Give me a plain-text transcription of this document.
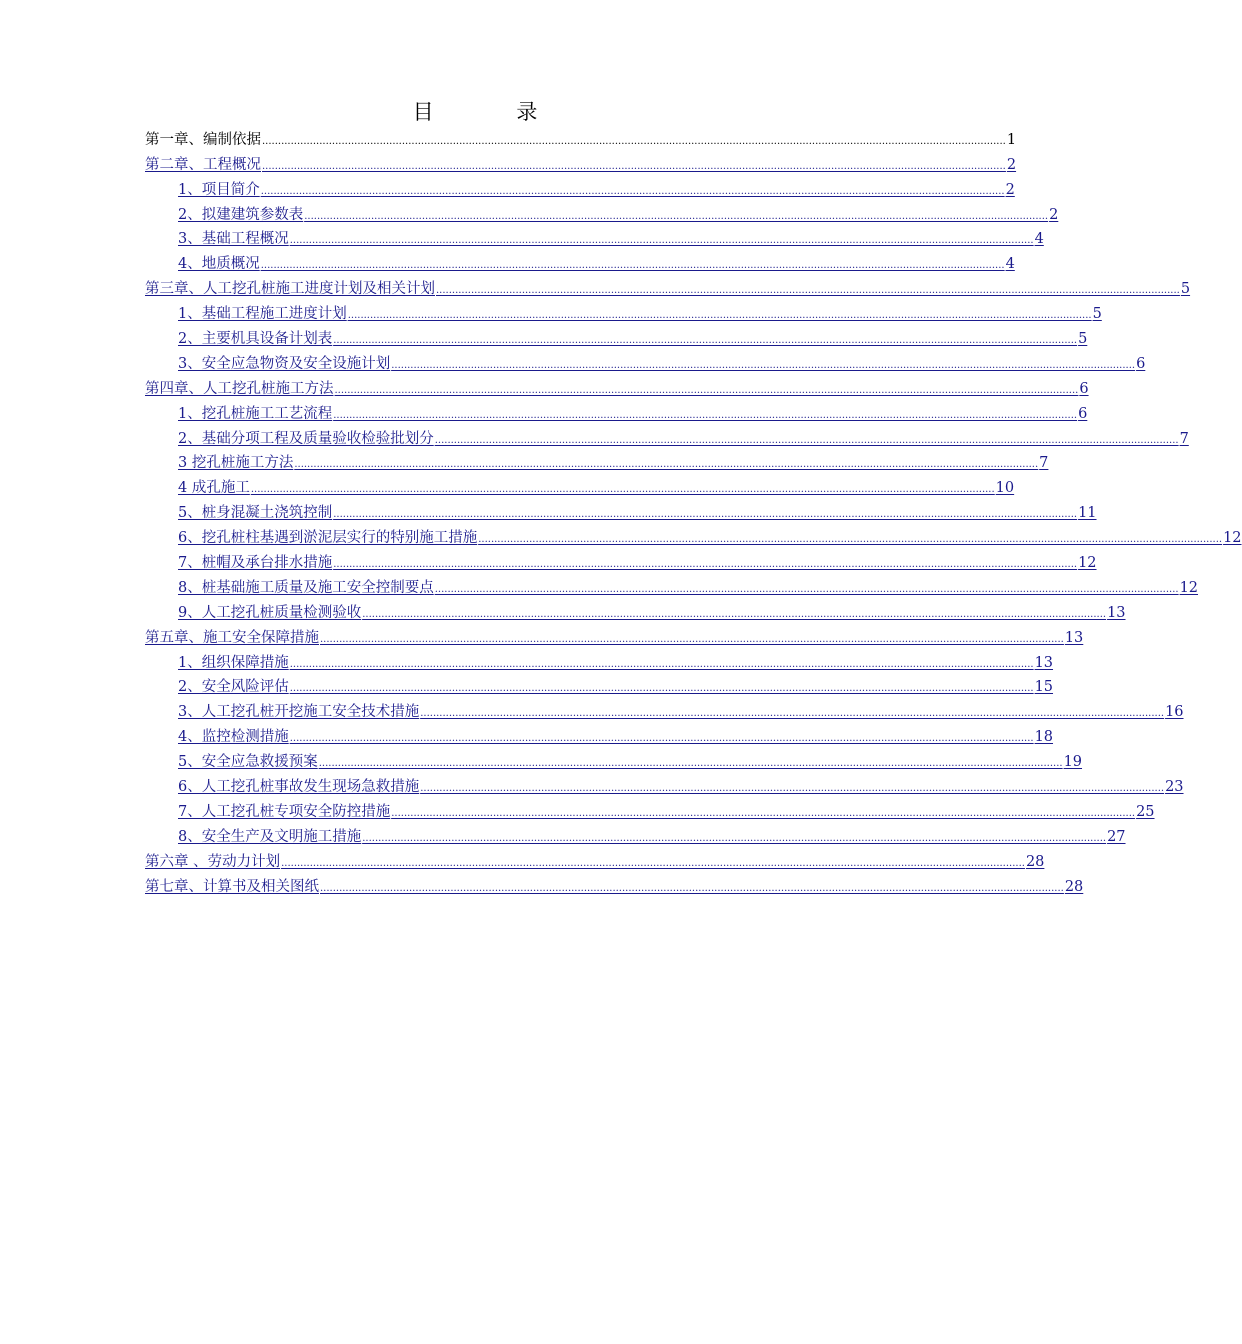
目 录
第一章、编制依据 .......................................................................................................................................................................................................................................... 1
第二章、工程概况 .......................................................................................................................................................................................................................................... 2
1、项目简介 .......................................................................................................................................................................................................................................... 2
2、拟建建筑参数表 .......................................................................................................................................................................................................................................... 2
3、基础工程概况 .......................................................................................................................................................................................................................................... 4
4、地质概况 .......................................................................................................................................................................................................................................... 4
第三章、人工挖孔桩施工进度计划及相关计划 .......................................................................................................................................................................................................................................... 5
1、基础工程施工进度计划 .......................................................................................................................................................................................................................................... 5
2、主要机具设备计划表 .......................................................................................................................................................................................................................................... 5
3、安全应急物资及安全设施计划 .......................................................................................................................................................................................................................................... 6
第四章、人工挖孔桩施工方法 .......................................................................................................................................................................................................................................... 6
1、挖孔桩施工工艺流程 .......................................................................................................................................................................................................................................... 6
2、基础分项工程及质量验收检验批划分 .......................................................................................................................................................................................................................................... 7
3 挖孔桩施工方法 .......................................................................................................................................................................................................................................... 7
4 成孔施工 .......................................................................................................................................................................................................................................... 10
5、桩身混凝土浇筑控制 .......................................................................................................................................................................................................................................... 11
6、挖孔桩柱基遇到淤泥层实行的特别施工措施 .......................................................................................................................................................................................................................................... 12
7、桩帽及承台排水措施 .......................................................................................................................................................................................................................................... 12
8、桩基础施工质量及施工安全控制要点 .......................................................................................................................................................................................................................................... 12
9、人工挖孔桩质量检测验收 .......................................................................................................................................................................................................................................... 13
第五章、施工安全保障措施 .......................................................................................................................................................................................................................................... 13
1、组织保障措施 .......................................................................................................................................................................................................................................... 13
2、安全风险评估 .......................................................................................................................................................................................................................................... 15
3、人工挖孔桩开挖施工安全技术措施 .......................................................................................................................................................................................................................................... 16
4、监控检测措施 .......................................................................................................................................................................................................................................... 18
5、安全应急救援预案 .......................................................................................................................................................................................................................................... 19
6、人工挖孔桩事故发生现场急救措施 .......................................................................................................................................................................................................................................... 23
7、人工挖孔桩专项安全防控措施 .......................................................................................................................................................................................................................................... 25
8、安全生产及文明施工措施 .......................................................................................................................................................................................................................................... 27
第六章 、劳动力计划 .......................................................................................................................................................................................................................................... 28
第七章、计算书及相关图纸 .......................................................................................................................................................................................................................................... 28
